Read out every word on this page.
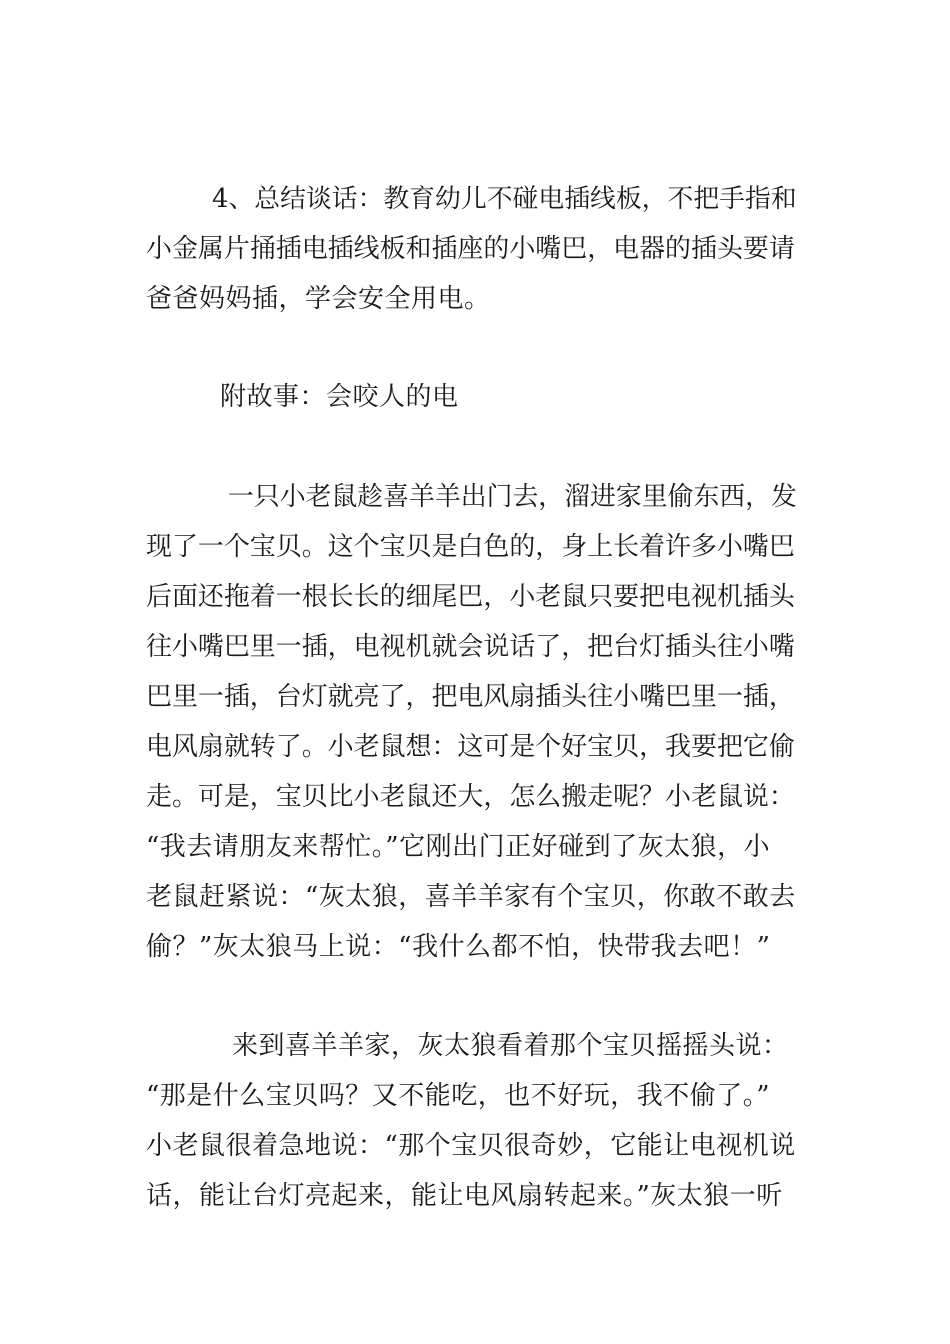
4、总结谈话：教育幼儿不碰电插线板，不把手指和
小金属片捅插电插线板和插座的小嘴巴，电器的插头要请
爸爸妈妈插，学会安全用电。
附故事：会咬人的电
一只小老鼠趁喜羊羊出门去，溜进家里偷东西，发
现了一个宝贝。这个宝贝是白色的，身上长着许多小嘴巴
后面还拖着一根长长的细尾巴，小老鼠只要把电视机插头
往小嘴巴里一插，电视机就会说话了，把台灯插头往小嘴
巴里一插，台灯就亮了，把电风扇插头往小嘴巴里一插，
电风扇就转了。小老鼠想：这可是个好宝贝，我要把它偷
走。可是，宝贝比小老鼠还大，怎么搬走呢？小老鼠说：
“我去请朋友来帮忙。”它刚出门正好碰到了灰太狼，小
老鼠赶紧说：“灰太狼，喜羊羊家有个宝贝，你敢不敢去
偷？”灰太狼马上说：“我什么都不怕，快带我去吧！”
来到喜羊羊家，灰太狼看着那个宝贝摇摇头说：
“那是什么宝贝吗？又不能吃，也不好玩，我不偷了。”
小老鼠很着急地说：“那个宝贝很奇妙，它能让电视机说
话，能让台灯亮起来，能让电风扇转起来。”灰太狼一听
